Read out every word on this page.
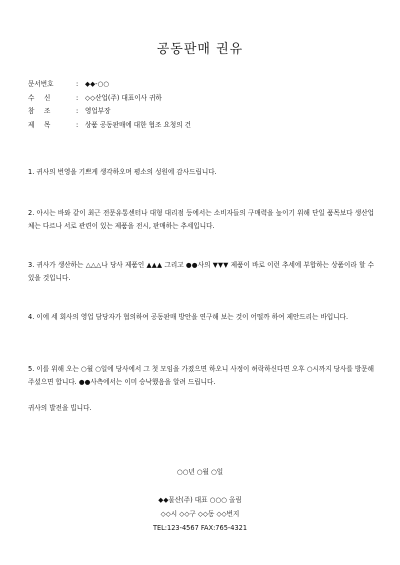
공동판매 권유
문서번호	:	◆◆-○○
수	신	:	◇◇산업(주) 대표이사 귀하
참	조	:	영업부장
제	목	:	상품 공동판매에 대한 협조 요청의 건

1. 귀사의 번영을 기쁘게 생각하오며 평소의 성원에 감사드립니다.

2. 아시는 바와 같이 최근 전문유통센터나 대형 대리점 등에서는 소비자들의 구매력을 높이기 위해 단일 품목보다 생산업체는 다르나 서로 관련이 있는 제품을 전시, 판매하는 추세입니다.

3. 귀사가 생산하는 △△△나 당사 제품인 ▲▲▲ 그리고 ●●사의 ▼▼▼ 제품이 바로 이런 추세에 부합하는 상품이라 할 수 있을 것입니다.

4. 이에 세 회사의 영업 담당자가 협의하여 공동판매 방안을 연구해 보는 것이 어떨까 하여 제안드리는 바입니다.

5. 이를 위해 오는 ○월 ○일에 당사에서 그 첫 모임을 가졌으면 하오니 사정이 허락하신다면 오후 ○시까지 당사를 방문해 주셨으면 합니다. ●●사측에서는 이미 승낙했음을 알려 드립니다.

귀사의 발전을 빕니다.

○○년 ○월 ○일
◆◆물산(주) 대표 ○○○ 올림
◇◇시 ◇◇구 ◇◇동 ◇◇번지
TEL:123-4567 FAX:765-4321
